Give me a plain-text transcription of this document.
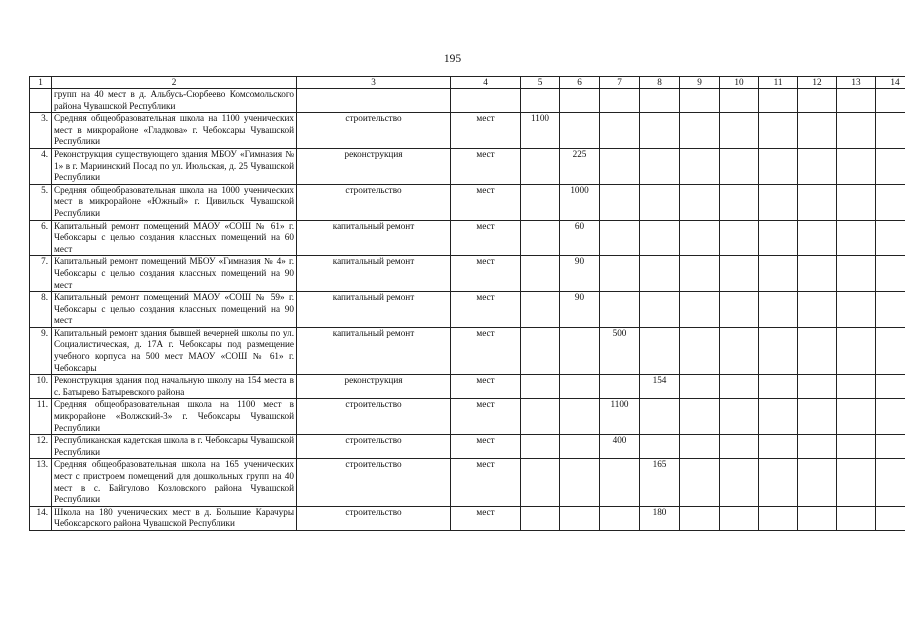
195
1	2	3	4	5	6	7	8	9	10	11	12	13	14
	групп на 40 мест в д. Альбусь-Сюрбеево Комсомольского района Чувашской Республики												
3.	Средняя общеобразовательная школа на 1100 ученических мест в микрорайоне «Гладкова» г. Чебоксары Чувашской Республики	строительство	мест	1100									
4.	Реконструкция существующего здания МБОУ «Гимназия № 1» в г. Мариинский Посад по ул. Июльская, д. 25 Чувашской Республики	реконструкция	мест		225								
5.	Средняя общеобразовательная школа на 1000 ученических мест в микрорайоне «Южный» г. Цивильск Чувашской Республики	строительство	мест		1000								
6.	Капитальный ремонт помещений МАОУ «СОШ № 61» г. Чебоксары с целью создания классных помещений на 60 мест	капитальный ремонт	мест		60								
7.	Капитальный ремонт помещений МБОУ «Гимназия № 4» г. Чебоксары с целью создания классных помещений на 90 мест	капитальный ремонт	мест		90								
8.	Капитальный ремонт помещений МАОУ «СОШ № 59» г. Чебоксары с целью создания классных помещений на 90 мест	капитальный ремонт	мест		90								
9.	Капитальный ремонт здания бывшей вечерней школы по ул. Социалистическая, д. 17А г. Чебоксары под размещение учебного корпуса на 500 мест МАОУ «СОШ № 61» г. Чебоксары	капитальный ремонт	мест			500							
10.	Реконструкция здания под начальную школу на 154 места в с. Батырево Батыревского района	реконструкция	мест				154						
11.	Средняя общеобразовательная школа на 1100 мест в микрорайоне «Волжский-3» г. Чебоксары Чувашской Республики	строительство	мест			1100							
12.	Республиканская кадетская школа в г. Чебоксары Чувашской Республики	строительство	мест			400							
13.	Средняя общеобразовательная школа на 165 ученических мест с пристроем помещений для дошкольных групп на 40 мест в с. Байгулово Козловского района Чувашской Республики	строительство	мест				165						
14.	Школа на 180 ученических мест в д. Большие Карачуры Чебоксарского района Чувашской Республики	строительство	мест				180						
